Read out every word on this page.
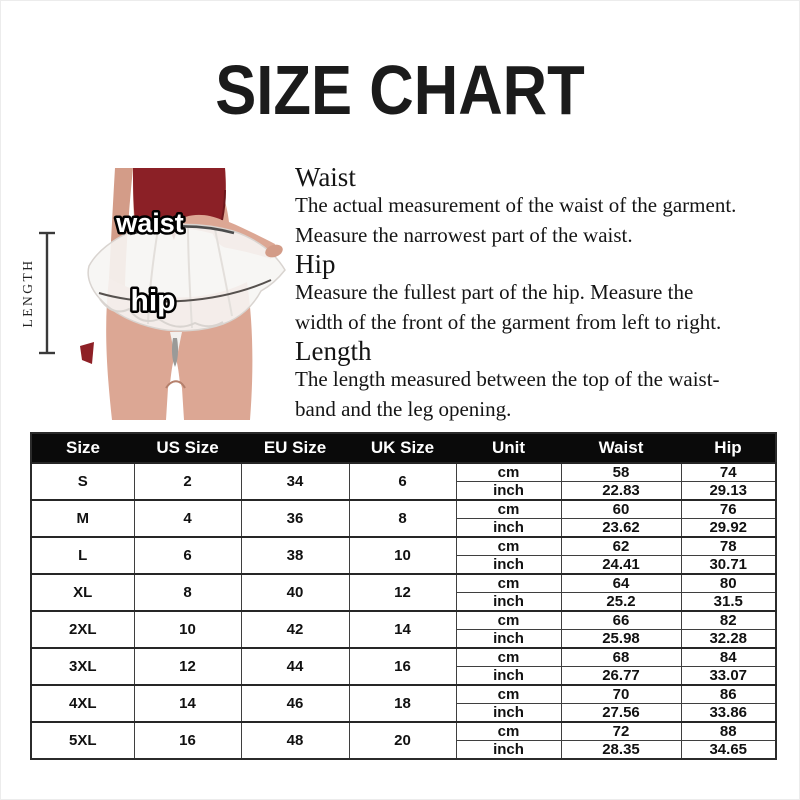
SIZE CHART
LENGTH
waist
hip
Waist
The actual measurement of the waist of the garment.
Measure the narrowest part of the waist.
Hip
Measure the fullest part of the hip. Measure the
width of the front of the garment from left to right.
Length
The length measured between the top of the waist-
band and the leg opening.
Size	US Size	EU Size	UK Size	Unit	Waist	Hip
S	2	34	6	cm	58	74
				inch	22.83	29.13
M	4	36	8	cm	60	76
				inch	23.62	29.92
L	6	38	10	cm	62	78
				inch	24.41	30.71
XL	8	40	12	cm	64	80
				inch	25.2	31.5
2XL	10	42	14	cm	66	82
				inch	25.98	32.28
3XL	12	44	16	cm	68	84
				inch	26.77	33.07
4XL	14	46	18	cm	70	86
				inch	27.56	33.86
5XL	16	48	20	cm	72	88
				inch	28.35	34.65
